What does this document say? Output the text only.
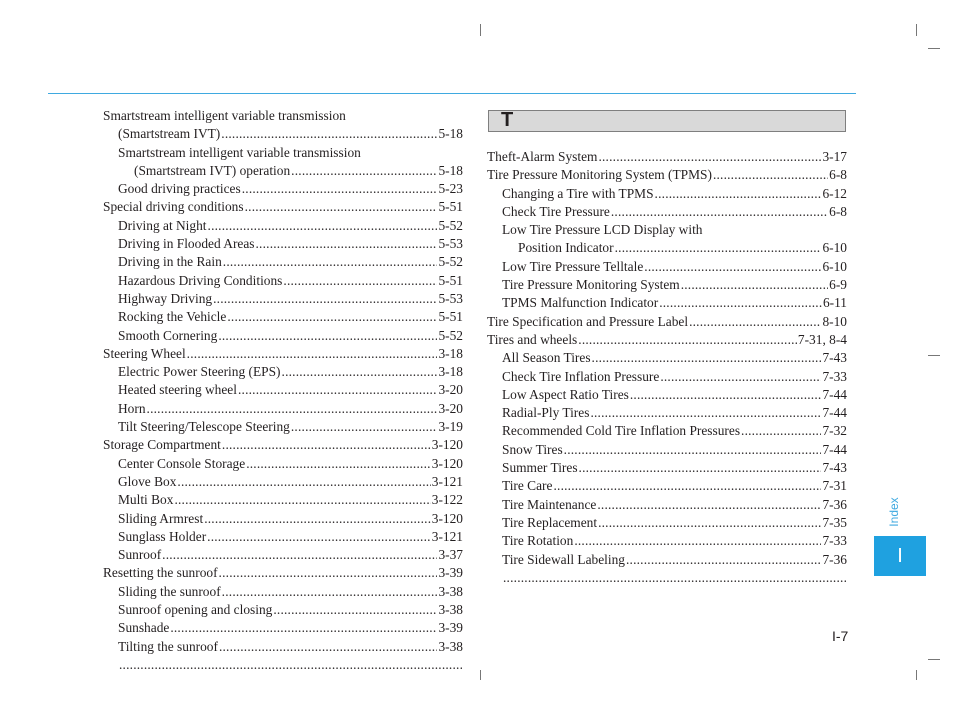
Smartstream intelligent variable transmission
(Smartstream IVT) .....	5-18
Smartstream intelligent variable transmission
(Smartstream IVT) operation .....	5-18
Good driving practices .....	5-23
Special driving conditions .....	5-51
Driving at Night .....	5-52
Driving in Flooded Areas .....	5-53
Driving in the Rain .....	5-52
Hazardous Driving Conditions .....	5-51
Highway Driving .....	5-53
Rocking the Vehicle .....	5-51
Smooth Cornering .....	5-52
Steering Wheel .....	3-18
Electric Power Steering (EPS) .....	3-18
Heated steering wheel .....	3-20
Horn .....	3-20
Tilt Steering/Telescope Steering .....	3-19
Storage Compartment .....	3-120
Center Console Storage .....	3-120
Glove Box .....	3-121
Multi Box .....	3-122
Sliding Armrest .....	3-120
Sunglass Holder .....	3-121
Sunroof .....	3-37
Resetting the sunroof .....	3-39
Sliding the sunroof .....	3-38
Sunroof opening and closing .....	3-38
Sunshade .....	3-39
Tilting the sunroof .....	3-38
.....
T
Theft-Alarm System .....	3-17
Tire Pressure Monitoring System (TPMS) .....	6-8
Changing a Tire with TPMS .....	6-12
Check Tire Pressure .....	6-8
Low Tire Pressure LCD Display with
Position Indicator .....	6-10
Low Tire Pressure Telltale .....	6-10
Tire Pressure Monitoring System .....	6-9
TPMS Malfunction Indicator .....	6-11
Tire Specification and Pressure Label .....	8-10
Tires and wheels .....	7-31, 8-4
All Season Tires .....	7-43
Check Tire Inflation Pressure .....	7-33
Low Aspect Ratio Tires .....	7-44
Radial-Ply Tires .....	7-44
Recommended Cold Tire Inflation Pressures .....	7-32
Snow Tires .....	7-44
Summer Tires .....	7-43
Tire Care .....	7-31
Tire Maintenance .....	7-36
Tire Replacement .....	7-35
Tire Rotation .....	7-33
Tire Sidewall Labeling .....	7-36
.....
Index
I
I-7
